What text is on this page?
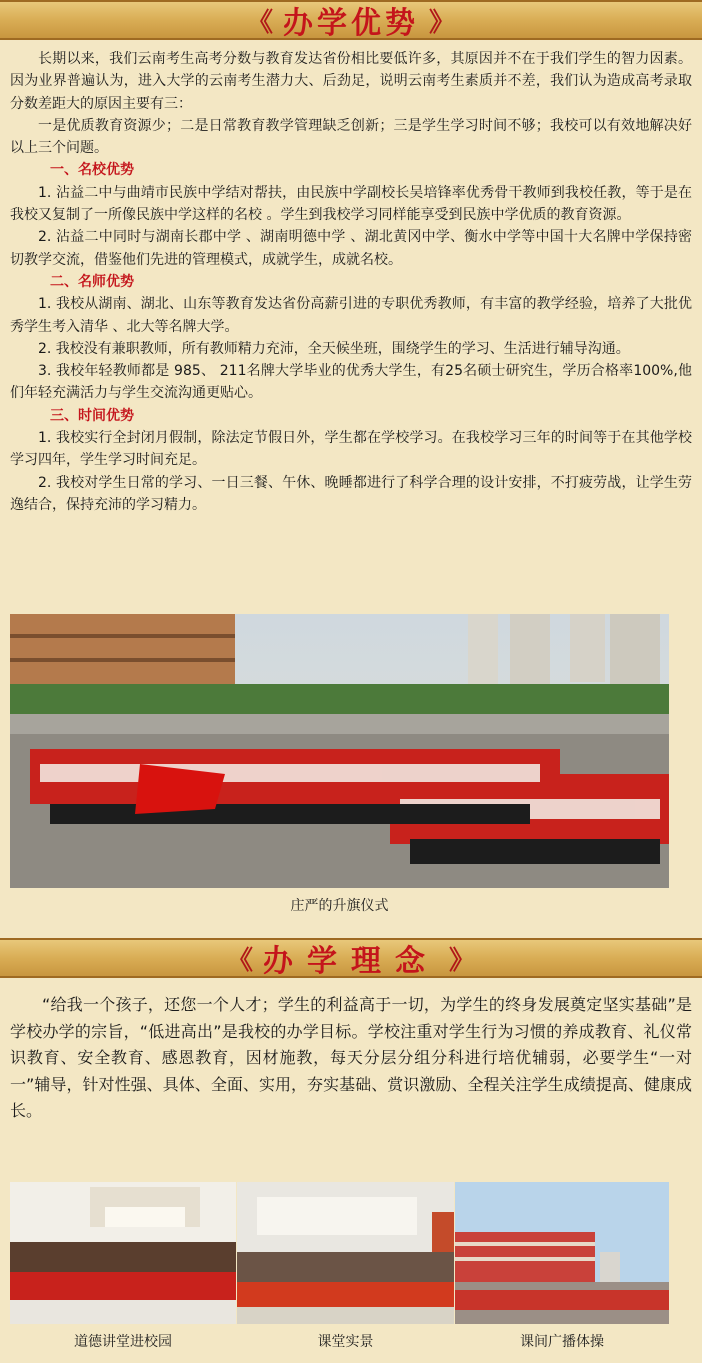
《 办学优势 》

长期以来，我们云南考生高考分数与教育发达省份相比要低许多，其原因并不在于我们学生的智力因素。因为业界普遍认为，进入大学的云南考生潜力大、后劲足，说明云南考生素质并不差，我们认为造成高考录取分数差距大的原因主要有三：

一是优质教育资源少；二是日常教育教学管理缺乏创新；三是学生学习时间不够；我校可以有效地解决好以上三个问题。

一、名校优势

1. 沾益二中与曲靖市民族中学结对帮扶，由民族中学副校长吴培锋率优秀骨干教师到我校任教，等于是在我校又复制了一所像民族中学这样的名校 。学生到我校学习同样能享受到民族中学优质的教育资源。

2. 沾益二中同时与湖南长郡中学 、湖南明德中学 、湖北黄冈中学、衡水中学等中国十大名牌中学保持密切教学交流，借鉴他们先进的管理模式，成就学生，成就名校。

二、名师优势

1. 我校从湖南、湖北、山东等教育发达省份高薪引进的专职优秀教师，有丰富的教学经验，培养了大批优秀学生考入清华 、北大等名牌大学。

2. 我校没有兼职教师，所有教师精力充沛，全天候坐班，围绕学生的学习、生活进行辅导沟通。

3. 我校年轻教师都是 985、 211名牌大学毕业的优秀大学生，有25名硕士研究生，学历合格率100%,他们年轻充满活力与学生交流沟通更贴心。

三、时间优势

1. 我校实行全封闭月假制，除法定节假日外，学生都在学校学习。在我校学习三年的时间等于在其他学校学习四年，学生学习时间充足。

2. 我校对学生日常的学习、一日三餐、午休、晚睡都进行了科学合理的设计安排，不打疲劳战，让学生劳逸结合，保持充沛的学习精力。

庄严的升旗仪式
《 办学理念 》

“给我一个孩子，还您一个人才；学生的利益高于一切，为学生的终身发展奠定坚实基础”是学校办学的宗旨，“低进高出”是我校的办学目标。学校注重对学生行为习惯的养成教育、礼仪常识教育、安全教育、感恩教育，因材施教，每天分层分组分科进行培优辅弱，必要学生“一对一”辅导，针对性强、具体、全面、实用，夯实基础、赏识激励、全程关注学生成绩提高、健康成长。

道德讲堂进校园	课堂实景	课间广播体操
